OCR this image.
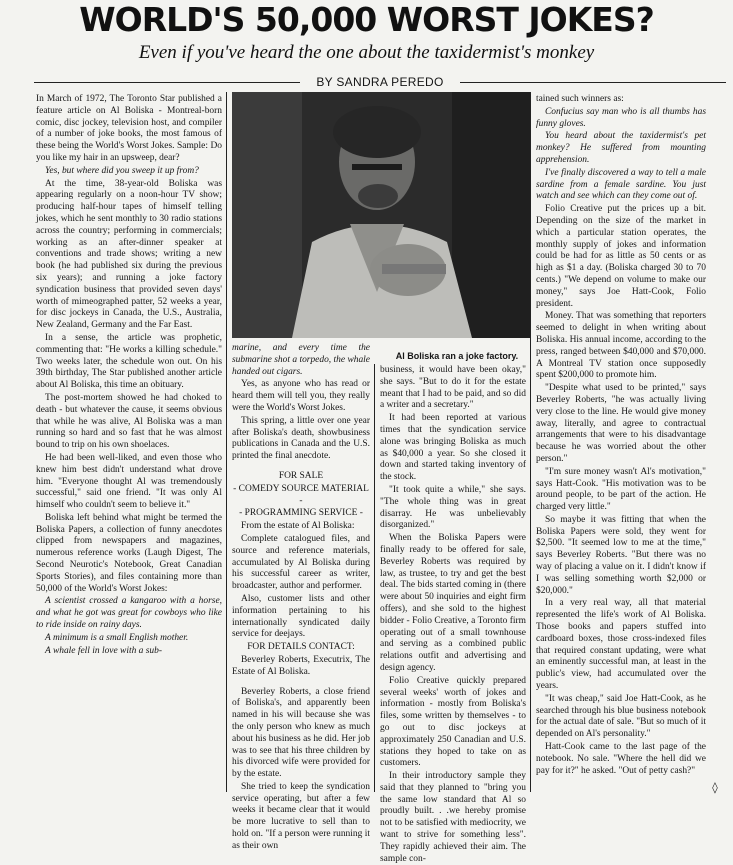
WORLD'S 50,000 WORST JOKES?
Even if you've heard the one about the taxidermist's monkey
BY SANDRA PEREDO
Al Boliska ran a joke factory.

In March of 1972, The Toronto Star published a feature article on Al Boliska - Montreal-born comic, disc jockey, television host, and compiler of a number of joke books, the most famous of these being the World's Worst Jokes. Sample: Do you like my hair in an upsweep, dear?

Yes, but where did you sweep it up from?

At the time, 38-year-old Boliska was appearing regularly on a noon-hour TV show; producing half-hour tapes of himself telling jokes, which he sent monthly to 30 radio stations across the country; performing in commercials; working as an after-dinner speaker at conventions and trade shows; writing a new book (he had published six during the previous six years); and running a joke factory syndication business that provided seven days' worth of mimeographed patter, 52 weeks a year, for disc jockeys in Canada, the U.S., Australia, New Zealand, Germany and the Far East.

In a sense, the article was prophetic, commenting that: "He works a killing schedule." Two weeks later, the schedule won out. On his 39th birthday, The Star published another article about Al Boliska, this time an obituary.

The post-mortem showed he had choked to death - but whatever the cause, it seems obvious that while he was alive, Al Boliska was a man running so hard and so fast that he was almost bound to trip on his own shoelaces.

He had been well-liked, and even those who knew him best didn't understand what drove him. "Everyone thought Al was tremendously successful," said one friend. "It was only Al himself who couldn't seem to believe it."

Boliska left behind what might be termed the Boliska Papers, a collection of funny anecdotes clipped from newspapers and magazines, numerous reference works (Laugh Digest, The Second Neurotic's Notebook, Great Canadian Sports Stories), and files containing more than 50,000 of the World's Worst Jokes:

A scientist crossed a kangaroo with a horse, and what he got was great for cowboys who like to ride inside on rainy days.

A minimum is a small English mother.

A whale fell in love with a sub-

marine, and every time the submarine shot a torpedo, the whale handed out cigars.

Yes, as anyone who has read or heard them will tell you, they really were the World's Worst Jokes.

This spring, a little over one year after Boliska's death, showbusiness publications in Canada and the U.S. printed the final anecdote.

FOR SALE

- COMEDY SOURCE MATERIAL -

- PROGRAMMING SERVICE -

From the estate of Al Boliska:

Complete catalogued files, and source and reference materials, accumulated by Al Boliska during his successful career as writer, broadcaster, author and performer.

Also, customer lists and other information pertaining to his internationally syndicated daily service for deejays.

FOR DETAILS CONTACT:

Beverley Roberts, Executrix, The Estate of Al Boliska.

Beverley Roberts, a close friend of Boliska's, and apparently been named in his will because she was the only person who knew as much about his business as he did. Her job was to see that his three children by his divorced wife were provided for by the estate.

She tried to keep the syndication service operating, but after a few weeks it became clear that it would be more lucrative to sell than to hold on. "If a person were running it as their own

business, it would have been okay," she says. "But to do it for the estate meant that I had to be paid, and so did a writer and a secretary."

It had been reported at various times that the syndication service alone was bringing Boliska as much as $40,000 a year. So she closed it down and started taking inventory of the stock.

"It took quite a while," she says. "The whole thing was in great disarray. He was unbelievably disorganized."

When the Boliska Papers were finally ready to be offered for sale, Beverley Roberts was required by law, as trustee, to try and get the best deal. The bids started coming in (there were about 50 inquiries and eight firm offers), and she sold to the highest bidder - Folio Creative, a Toronto firm operating out of a small townhouse and serving as a combined public relations outfit and advertising and design agency.

Folio Creative quickly prepared several weeks' worth of jokes and information - mostly from Boliska's files, some written by themselves - to go out to disc jockeys at approximately 250 Canadian and U.S. stations they hoped to take on as customers.

In their introductory sample they said that they planned to "bring you the same low standard that Al so proudly built. . .we hereby promise not to be satisfied with mediocrity, we want to strive for something less". They rapidly achieved their aim. The sample con-

tained such winners as:

Confucius say man who is all thumbs has funny gloves.

You heard about the taxidermist's pet monkey? He suffered from mounting apprehension.

I've finally discovered a way to tell a male sardine from a female sardine. You just watch and see which can they come out of.

Folio Creative put the prices up a bit. Depending on the size of the market in which a particular station operates, the monthly supply of jokes and information could be had for as little as 50 cents or as high as $1 a day. (Boliska charged 30 to 70 cents.) "We depend on volume to make our money," says Joe Hatt-Cook, Folio president.

Money. That was something that reporters seemed to delight in when writing about Boliska. His annual income, according to the press, ranged between $40,000 and $70,000. A Montreal TV station once supposedly spent $200,000 to promote him.

"Despite what used to be printed," says Beverley Roberts, "he was actually living very close to the line. He would give money away, literally, and agree to contractual arrangements that were to his disadvantage because he was worried about the other person."

"I'm sure money wasn't Al's motivation," says Hatt-Cook. "His motivation was to be around people, to be part of the action. He charged very little."

So maybe it was fitting that when the Boliska Papers were sold, they went for $2,500. "It seemed low to me at the time," says Beverley Roberts. "But there was no way of placing a value on it. I didn't know if I was selling something worth $2,000 or $20,000."

In a very real way, all that material represented the life's work of Al Boliska. Those books and papers stuffed into cardboard boxes, those cross-indexed files that required constant updating, were what an eminently successful man, at least in the public's view, had accumulated over the years.

"It was cheap," said Joe Hatt-Cook, as he searched through his blue business notebook for the actual date of sale. "But so much of it depended on Al's personality."

Hatt-Cook came to the last page of the notebook. No sale. "Where the hell did we pay for it?" he asked. "Out of petty cash?"

◊
